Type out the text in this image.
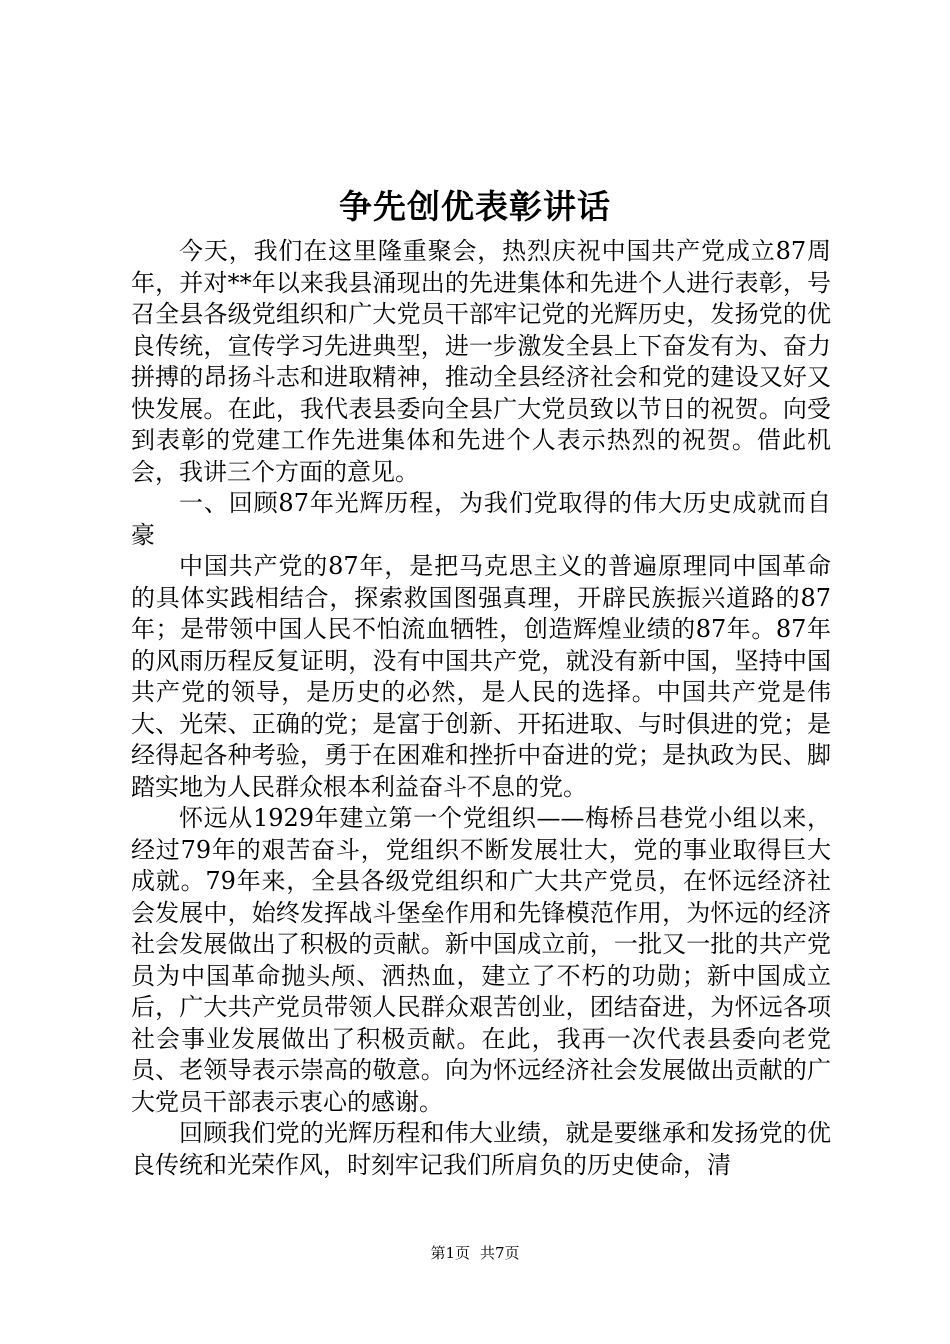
争先创优表彰讲话

今天，我们在这里隆重聚会，热烈庆祝中国共产党成立87周年，并对**年以来我县涌现出的先进集体和先进个人进行表彰，号召全县各级党组织和广大党员干部牢记党的光辉历史，发扬党的优良传统，宣传学习先进典型，进一步激发全县上下奋发有为、奋力拼搏的昂扬斗志和进取精神，推动全县经济社会和党的建设又好又快发展。在此，我代表县委向全县广大党员致以节日的祝贺。向受到表彰的党建工作先进集体和先进个人表示热烈的祝贺。借此机会，我讲三个方面的意见。

一、回顾87年光辉历程，为我们党取得的伟大历史成就而自豪

中国共产党的87年，是把马克思主义的普遍原理同中国革命的具体实践相结合，探索救国图强真理，开辟民族振兴道路的87年；是带领中国人民不怕流血牺牲，创造辉煌业绩的87年。87年的风雨历程反复证明，没有中国共产党，就没有新中国，坚持中国共产党的领导，是历史的必然，是人民的选择。中国共产党是伟大、光荣、正确的党；是富于创新、开拓进取、与时俱进的党；是经得起各种考验，勇于在困难和挫折中奋进的党；是执政为民、脚踏实地为人民群众根本利益奋斗不息的党。

怀远从1929年建立第一个党组织——梅桥吕巷党小组以来，经过79年的艰苦奋斗，党组织不断发展壮大，党的事业取得巨大成就。79年来，全县各级党组织和广大共产党员，在怀远经济社会发展中，始终发挥战斗堡垒作用和先锋模范作用，为怀远的经济社会发展做出了积极的贡献。新中国成立前，一批又一批的共产党员为中国革命抛头颅、洒热血，建立了不朽的功勋；新中国成立后，广大共产党员带领人民群众艰苦创业，团结奋进，为怀远各项社会事业发展做出了积极贡献。在此，我再一次代表县委向老党员、老领导表示崇高的敬意。向为怀远经济社会发展做出贡献的广大党员干部表示衷心的感谢。

回顾我们党的光辉历程和伟大业绩，就是要继承和发扬党的优良传统和光荣作风，时刻牢记我们所肩负的历史使命，清

第1页 共7页
